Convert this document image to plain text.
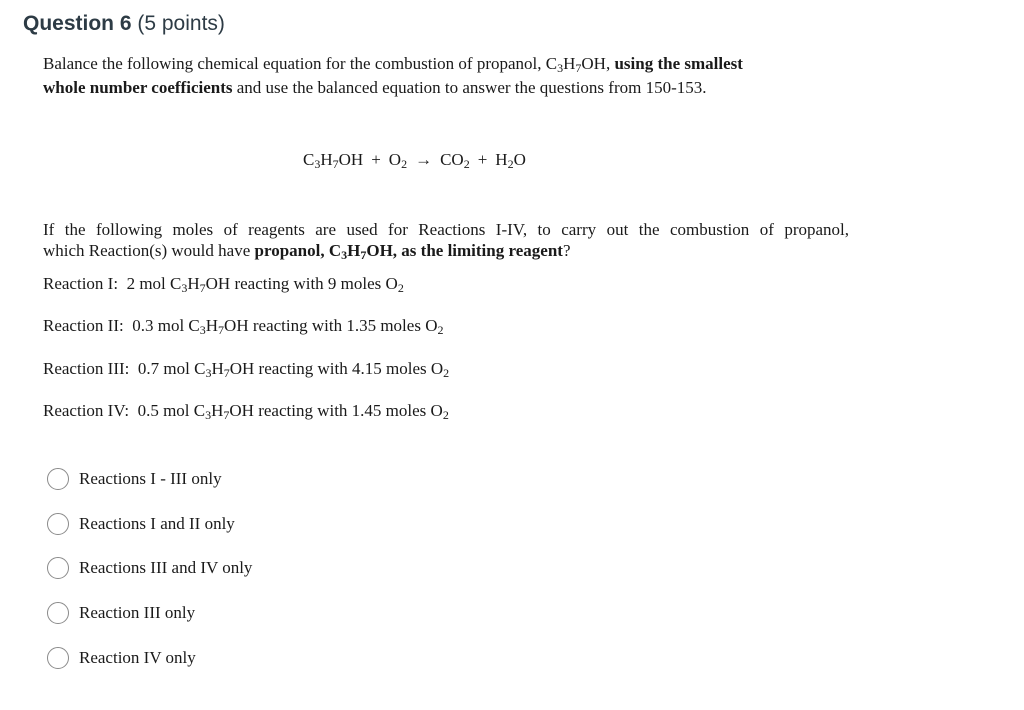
Question 6 (5 points)
Balance the following chemical equation for the combustion of propanol, $C_3H_7OH$, using the smallest
whole number coefficients and use the balanced equation to answer the questions from 150-153.
$C_3H_7OH + O_2 \to CO_2 + H_2O$
If the following moles of reagents are used for Reactions I-IV, to carry out the combustion of propanol,
which Reaction(s) would have propanol, $C_3H_7OH$, as the limiting reagent?
Reaction I: 2 mol $C_3H_7OH$ reacting with 9 moles $O_2$
Reaction II: 0.3 mol $C_3H_7OH$ reacting with 1.35 moles $O_2$
Reaction III: 0.7 mol $C_3H_7OH$ reacting with 4.15 moles $O_2$
Reaction IV: 0.5 mol $C_3H_7OH$ reacting with 1.45 moles $O_2$
Reactions I - III only
Reactions I and II only
Reactions III and IV only
Reaction III only
Reaction IV only
